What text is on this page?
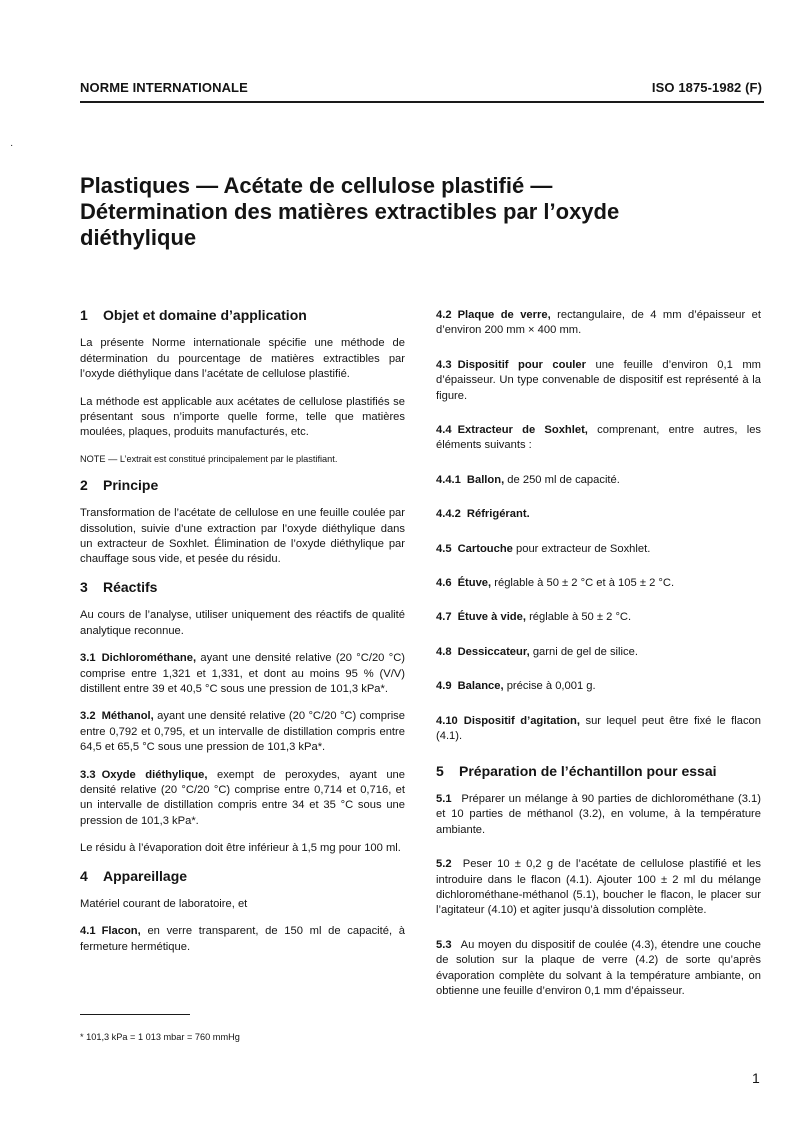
·
NORME INTERNATIONALE	ISO 1875-1982 (F)
Plastiques — Acétate de cellulose plastifié —
Détermination des matières extractibles par l’oxyde
diéthylique
1	Objet et domaine d’application

La présente Norme internationale spécifie une méthode de détermination du pourcentage de matières extractibles par l’oxyde diéthylique dans l’acétate de cellulose plastifié.

La méthode est applicable aux acétates de cellulose plastifiés se présentant sous n’importe quelle forme, telle que matières moulées, plaques, produits manufacturés, etc.

NOTE — L’extrait est constitué principalement par le plastifiant.

2	Principe

Transformation de l’acétate de cellulose en une feuille coulée par dissolution, suivie d’une extraction par l’oxyde diéthylique dans un extracteur de Soxhlet. Élimination de l’oxyde diéthylique par chauffage sous vide, et pesée du résidu.

3	Réactifs

Au cours de l’analyse, utiliser uniquement des réactifs de qualité analytique reconnue.

3.1 Dichlorométhane, ayant une densité relative (20 °C/20 °C) comprise entre 1,321 et 1,331, et dont au moins 95 % (V/V) distillent entre 39 et 40,5 °C sous une pression de 101,3 kPa*.

3.2 Méthanol, ayant une densité relative (20 °C/20 °C) comprise entre 0,792 et 0,795, et un intervalle de distillation compris entre 64,5 et 65,5 °C sous une pression de 101,3 kPa*.

3.3 Oxyde diéthylique, exempt de peroxydes, ayant une densité relative (20 °C/20 °C) comprise entre 0,714 et 0,716, et un intervalle de distillation compris entre 34 et 35 °C sous une pression de 101,3 kPa*.

Le résidu à l’évaporation doit être inférieur à 1,5 mg pour 100 ml.

4	Appareillage

Matériel courant de laboratoire, et

4.1 Flacon, en verre transparent, de 150 ml de capacité, à fermeture hermétique.

4.2 Plaque de verre, rectangulaire, de 4 mm d’épaisseur et d’environ 200 mm × 400 mm.

4.3 Dispositif pour couler une feuille d’environ 0,1 mm d’épaisseur. Un type convenable de dispositif est représenté à la figure.

4.4 Extracteur de Soxhlet, comprenant, entre autres, les éléments suivants :

4.4.1 Ballon, de 250 ml de capacité.

4.4.2 Réfrigérant.

4.5 Cartouche pour extracteur de Soxhlet.

4.6 Étuve, réglable à 50 ± 2 °C et à 105 ± 2 °C.

4.7 Étuve à vide, réglable à 50 ± 2 °C.

4.8 Dessiccateur, garni de gel de silice.

4.9 Balance, précise à 0,001 g.

4.10 Dispositif d’agitation, sur lequel peut être fixé le flacon (4.1).

5	Préparation de l’échantillon pour essai

5.1 Préparer un mélange à 90 parties de dichlorométhane (3.1) et 10 parties de méthanol (3.2), en volume, à la température ambiante.

5.2 Peser 10 ± 0,2 g de l’acétate de cellulose plastifié et les introduire dans le flacon (4.1). Ajouter 100 ± 2 ml du mélange dichlorométhane-méthanol (5.1), boucher le flacon, le placer sur l’agitateur (4.10) et agiter jusqu’à dissolution complète.

5.3 Au moyen du dispositif de coulée (4.3), étendre une couche de solution sur la plaque de verre (4.2) de sorte qu’après évaporation complète du solvant à la température ambiante, on obtienne une feuille d’environ 0,1 mm d’épaisseur.

* 101,3 kPa = 1 013 mbar = 760 mmHg
1
